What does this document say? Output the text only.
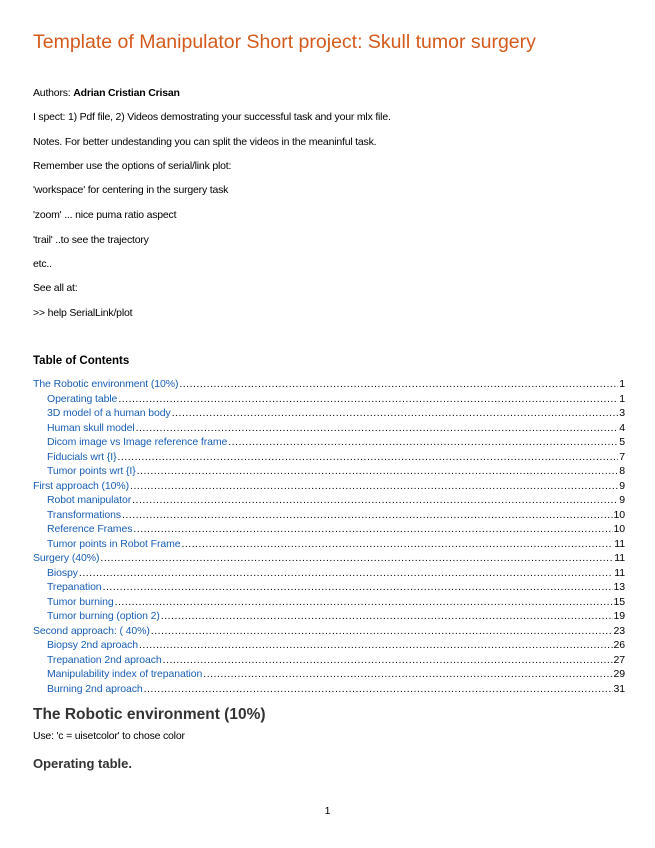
Template of Manipulator Short project: Skull tumor surgery
Authors: Adrian Cristian Crisan
I spect: 1) Pdf file, 2) Videos demostrating your successful task and your mlx file.
Notes. For better undestanding you can split the videos in the meaninful task.
Remember use the options of serial/link plot:
'workspace' for centering in the surgery task
'zoom' ... nice puma ratio aspect
'trail' ..to see the trajectory
etc..
See all at:
>> help SerialLink/plot
Table of Contents
The Robotic environment (10%) .....	1
Operating table .....	1
3D model of a human body .....	3
Human skull model .....	4
Dicom image vs Image reference frame .....	5
Fiducials wrt {I} .....	7
Tumor points wrt {I} .....	8
First approach (10%) .....	9
Robot manipulator .....	9
Transformations .....	10
Reference Frames .....	10
Tumor points in Robot Frame .....	11
Surgery (40%) .....	11
Biospy .....	11
Trepanation .....	13
Tumor burning .....	15
Tumor burning (option 2) .....	19
Second approach: ( 40%) .....	23
Biopsy 2nd aproach .....	26
Trepanation 2nd aproach .....	27
Manipulability index of trepanation .....	29
Burning 2nd aproach .....	31
The Robotic environment (10%)
Use: 'c = uisetcolor' to chose color
Operating table.
1
